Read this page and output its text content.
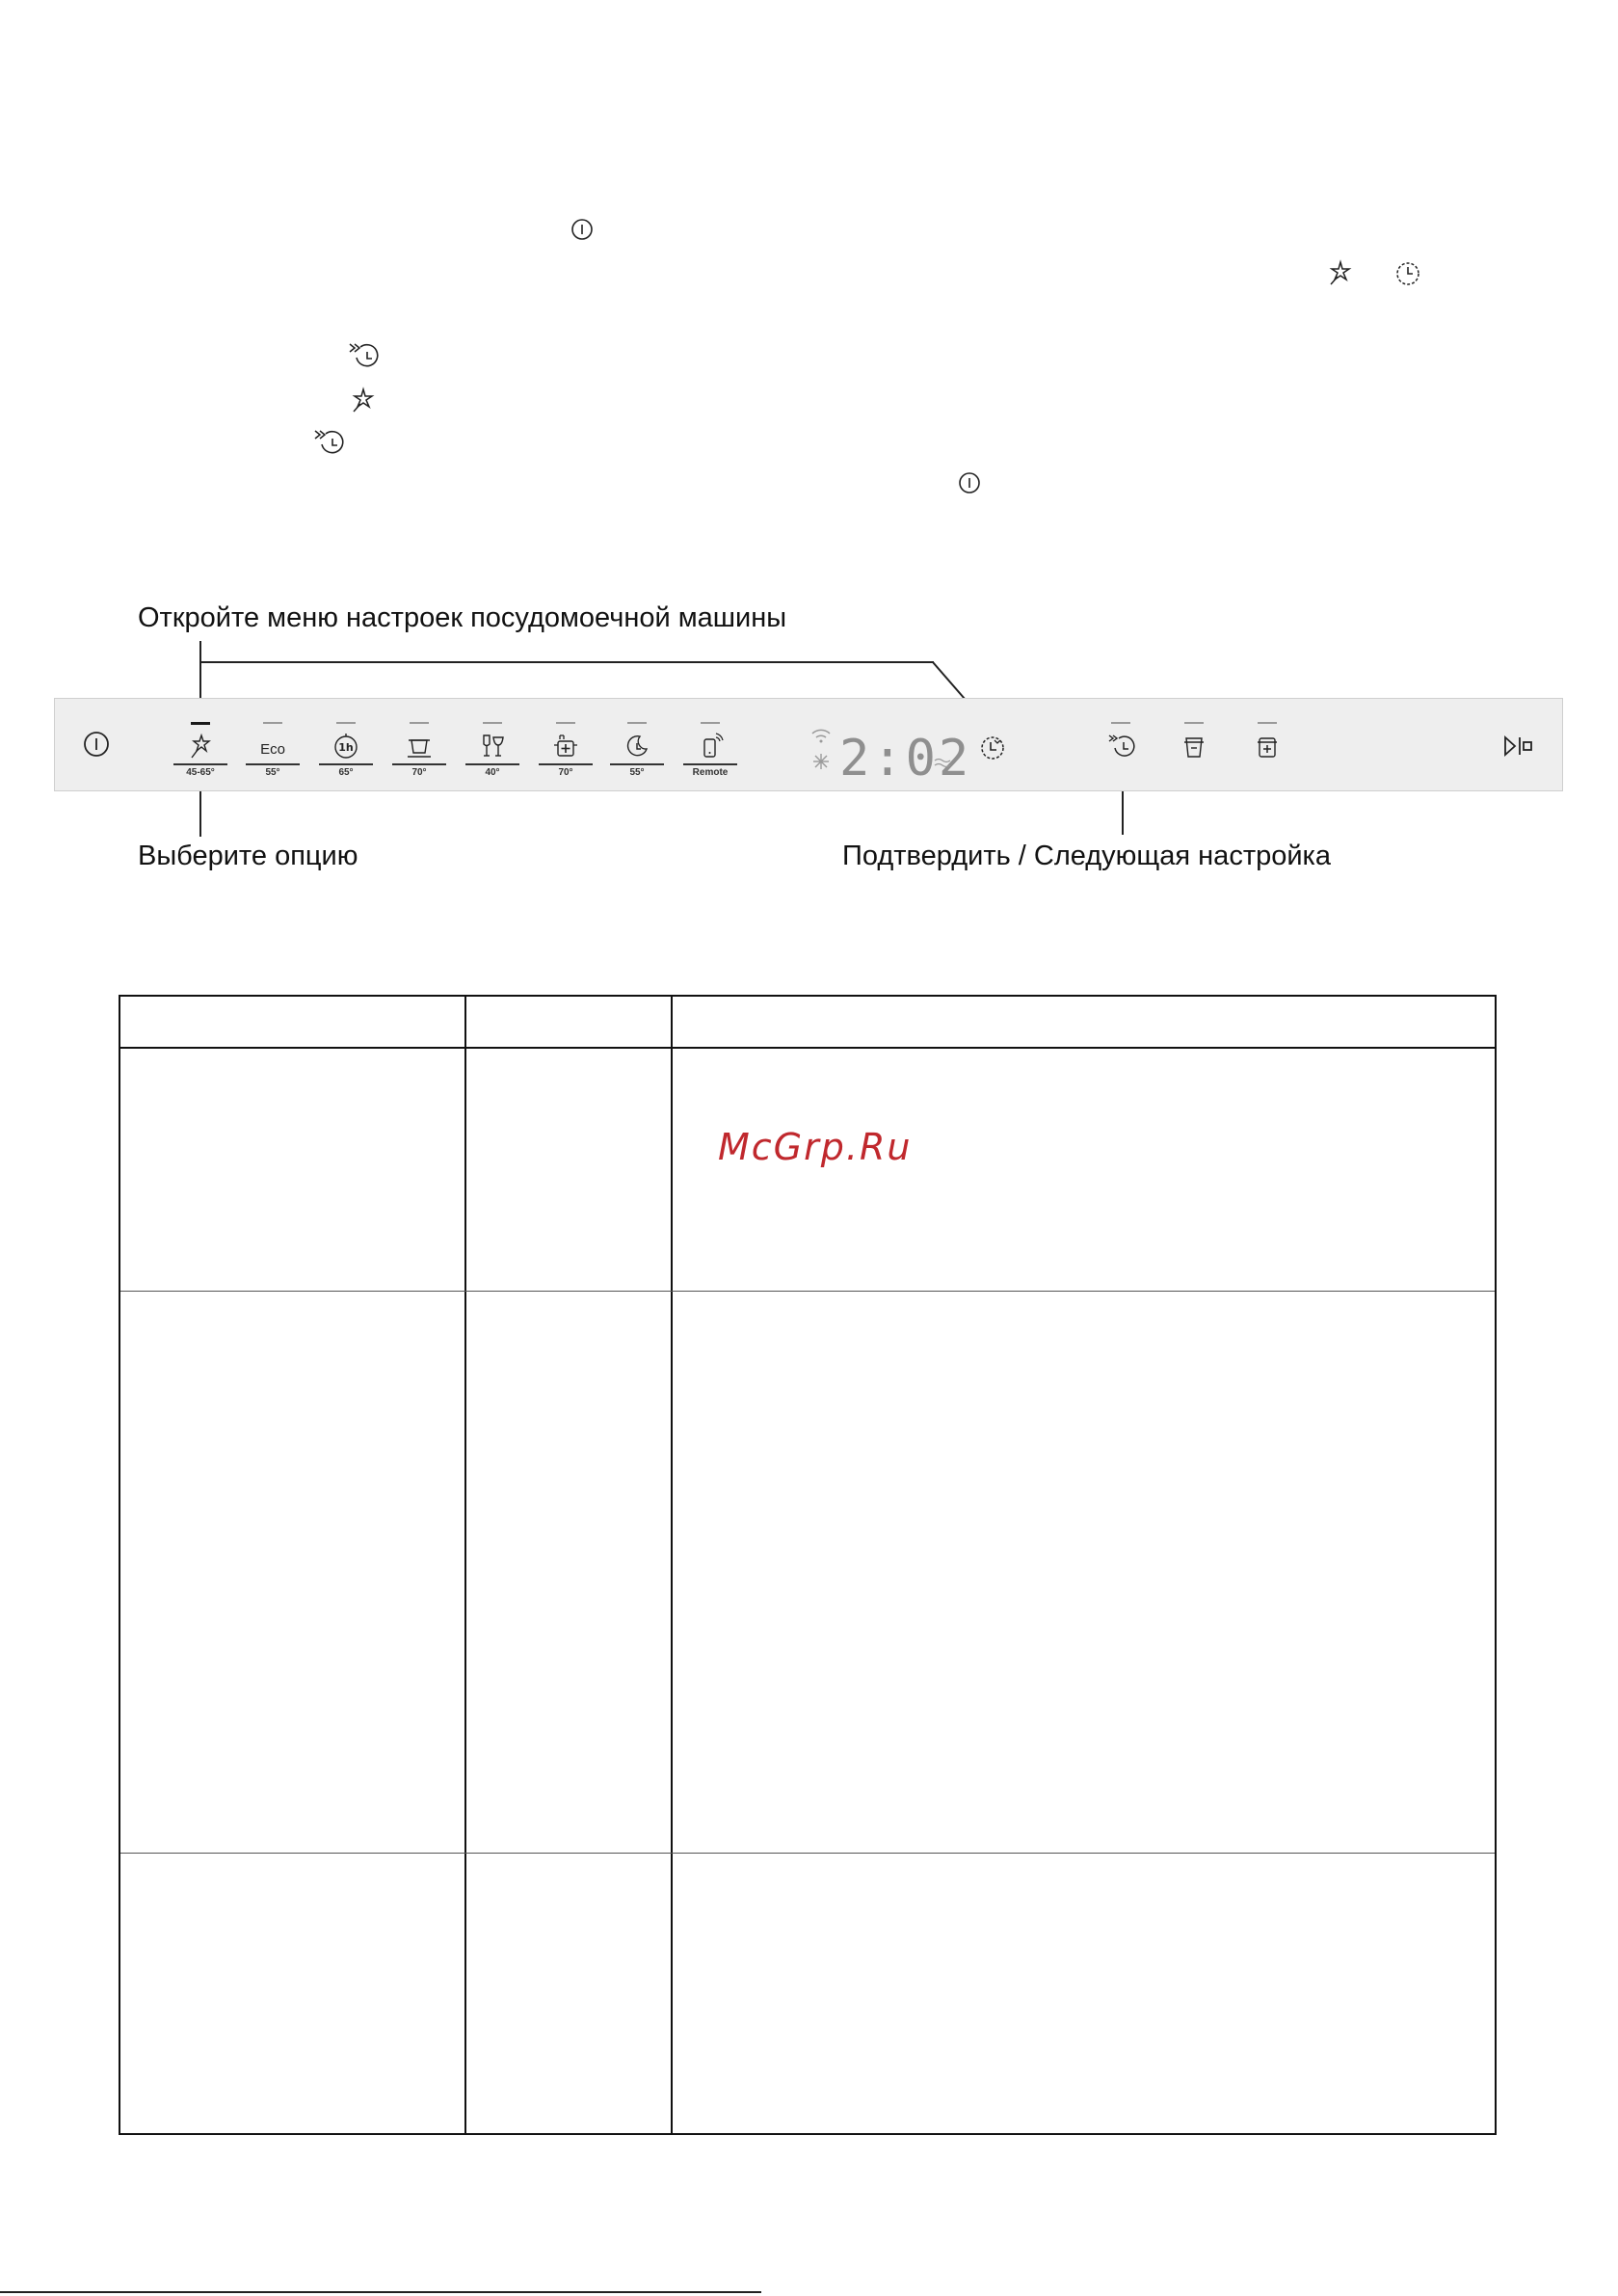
Откройте меню настроек посудомоечной машины
Выберите опцию	Подтвердить / Следующая настройка
45-65°
Eco
55°
1h
65°	70°	40°	70°	55°	Remote 2:02
McGrp.Ru
